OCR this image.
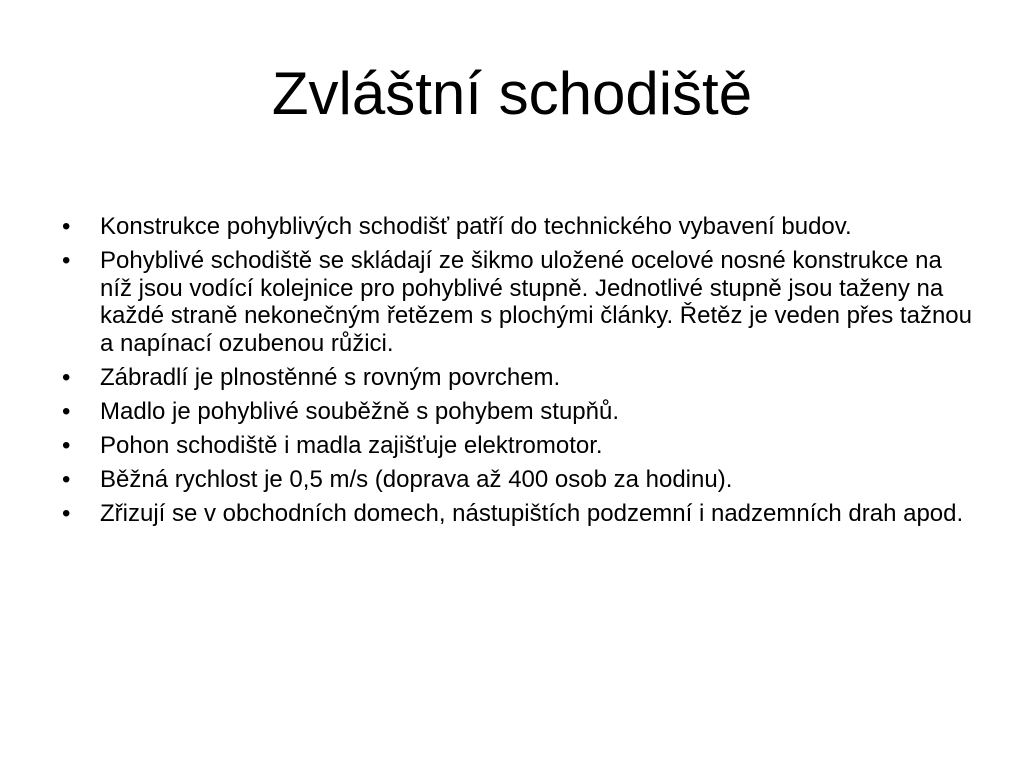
Zvláštní schodiště
•	Konstrukce pohyblivých schodišť patří do technického vybavení budov.
•	Pohyblivé schodiště se skládají ze šikmo uložené ocelové nosné konstrukce na níž jsou vodící kolejnice pro pohyblivé stupně. Jednotlivé stupně jsou taženy na každé straně nekonečným řetězem s plochými články. Řetěz je veden přes tažnou a napínací ozubenou růžici.
•	Zábradlí je plnostěnné s rovným povrchem.
•	Madlo je pohyblivé souběžně s pohybem stupňů.
•	Pohon schodiště i madla zajišťuje elektromotor.
•	Běžná rychlost je 0,5 m/s (doprava až 400 osob za hodinu).
•	Zřizují se v obchodních domech, nástupištích podzemní i nadzemních drah apod.
